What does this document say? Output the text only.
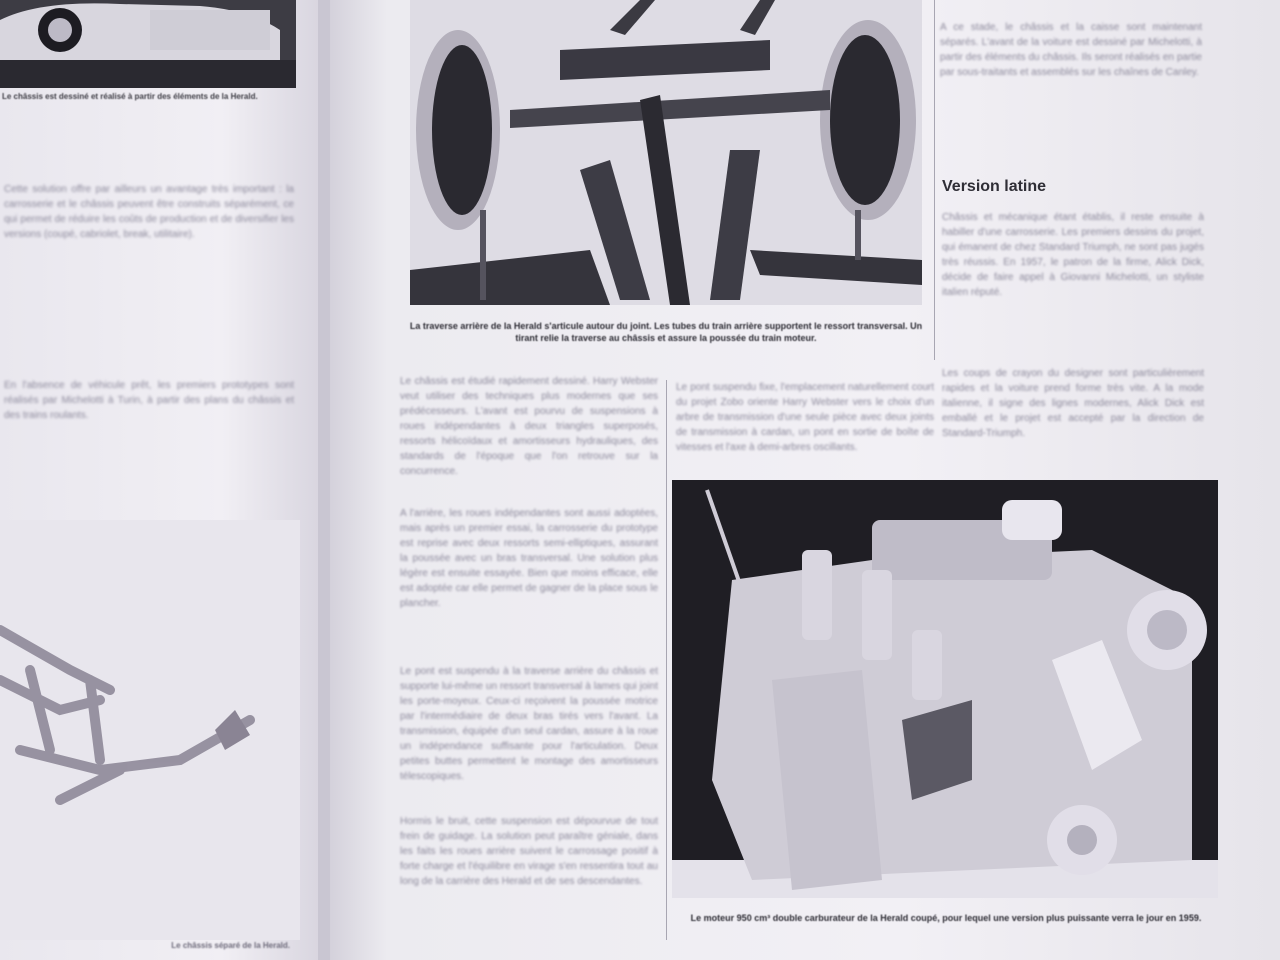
Le châssis est dessiné et réalisé à partir des éléments de la Herald.
Cette solution offre par ailleurs un avantage très important : la carrosserie et le châssis peuvent être construits séparément, ce qui permet de réduire les coûts de production et de diversifier les versions (coupé, cabriolet, break, utilitaire).
En l'absence de véhicule prêt, les premiers prototypes sont réalisés par Michelotti à Turin, à partir des plans du châssis et des trains roulants.
Le châssis séparé de la Herald.
La traverse arrière de la Herald s'articule autour du joint. Les tubes du train arrière supportent le ressort transversal. Un tirant relie la traverse au châssis et assure la poussée du train moteur.
A ce stade, le châssis et la caisse sont maintenant séparés. L'avant de la voiture est dessiné par Michelotti, à partir des éléments du châssis. Ils seront réalisés en partie par sous-traitants et assemblés sur les chaînes de Canley.
Version latine
Châssis et mécanique étant établis, il reste ensuite à habiller d'une carrosserie. Les premiers dessins du projet, qui émanent de chez Standard Triumph, ne sont pas jugés très réussis. En 1957, le patron de la firme, Alick Dick, décide de faire appel à Giovanni Michelotti, un styliste italien réputé.
Les coups de crayon du designer sont particulièrement rapides et la voiture prend forme très vite. A la mode italienne, il signe des lignes modernes, Alick Dick est emballé et le projet est accepté par la direction de Standard-Triumph.
Le châssis est étudié rapidement dessiné. Harry Webster veut utiliser des techniques plus modernes que ses prédécesseurs. L'avant est pourvu de suspensions à roues indépendantes à deux triangles superposés, ressorts hélicoïdaux et amortisseurs hydrauliques, des standards de l'époque que l'on retrouve sur la concurrence.
A l'arrière, les roues indépendantes sont aussi adoptées, mais après un premier essai, la carrosserie du prototype est reprise avec deux ressorts semi-elliptiques, assurant la poussée avec un bras transversal. Une solution plus légère est ensuite essayée. Bien que moins efficace, elle est adoptée car elle permet de gagner de la place sous le plancher.
Le pont est suspendu à la traverse arrière du châssis et supporte lui-même un ressort transversal à lames qui joint les porte-moyeux. Ceux-ci reçoivent la poussée motrice par l'intermédiaire de deux bras tirés vers l'avant. La transmission, équipée d'un seul cardan, assure à la roue un indépendance suffisante pour l'articulation. Deux petites buttes permettent le montage des amortisseurs télescopiques.
Hormis le bruit, cette suspension est dépourvue de tout frein de guidage. La solution peut paraître géniale, dans les faits les roues arrière suivent le carrossage positif à forte charge et l'équilibre en virage s'en ressentira tout au long de la carrière des Herald et de ses descendantes.
Le pont suspendu fixe, l'emplacement naturellement court du projet Zobo oriente Harry Webster vers le choix d'un arbre de transmission d'une seule pièce avec deux joints de transmission à cardan, un pont en sortie de boîte de vitesses et l'axe à demi-arbres oscillants.
Le moteur 950 cm³ double carburateur de la Herald coupé, pour lequel une version plus puissante verra le jour en 1959.
